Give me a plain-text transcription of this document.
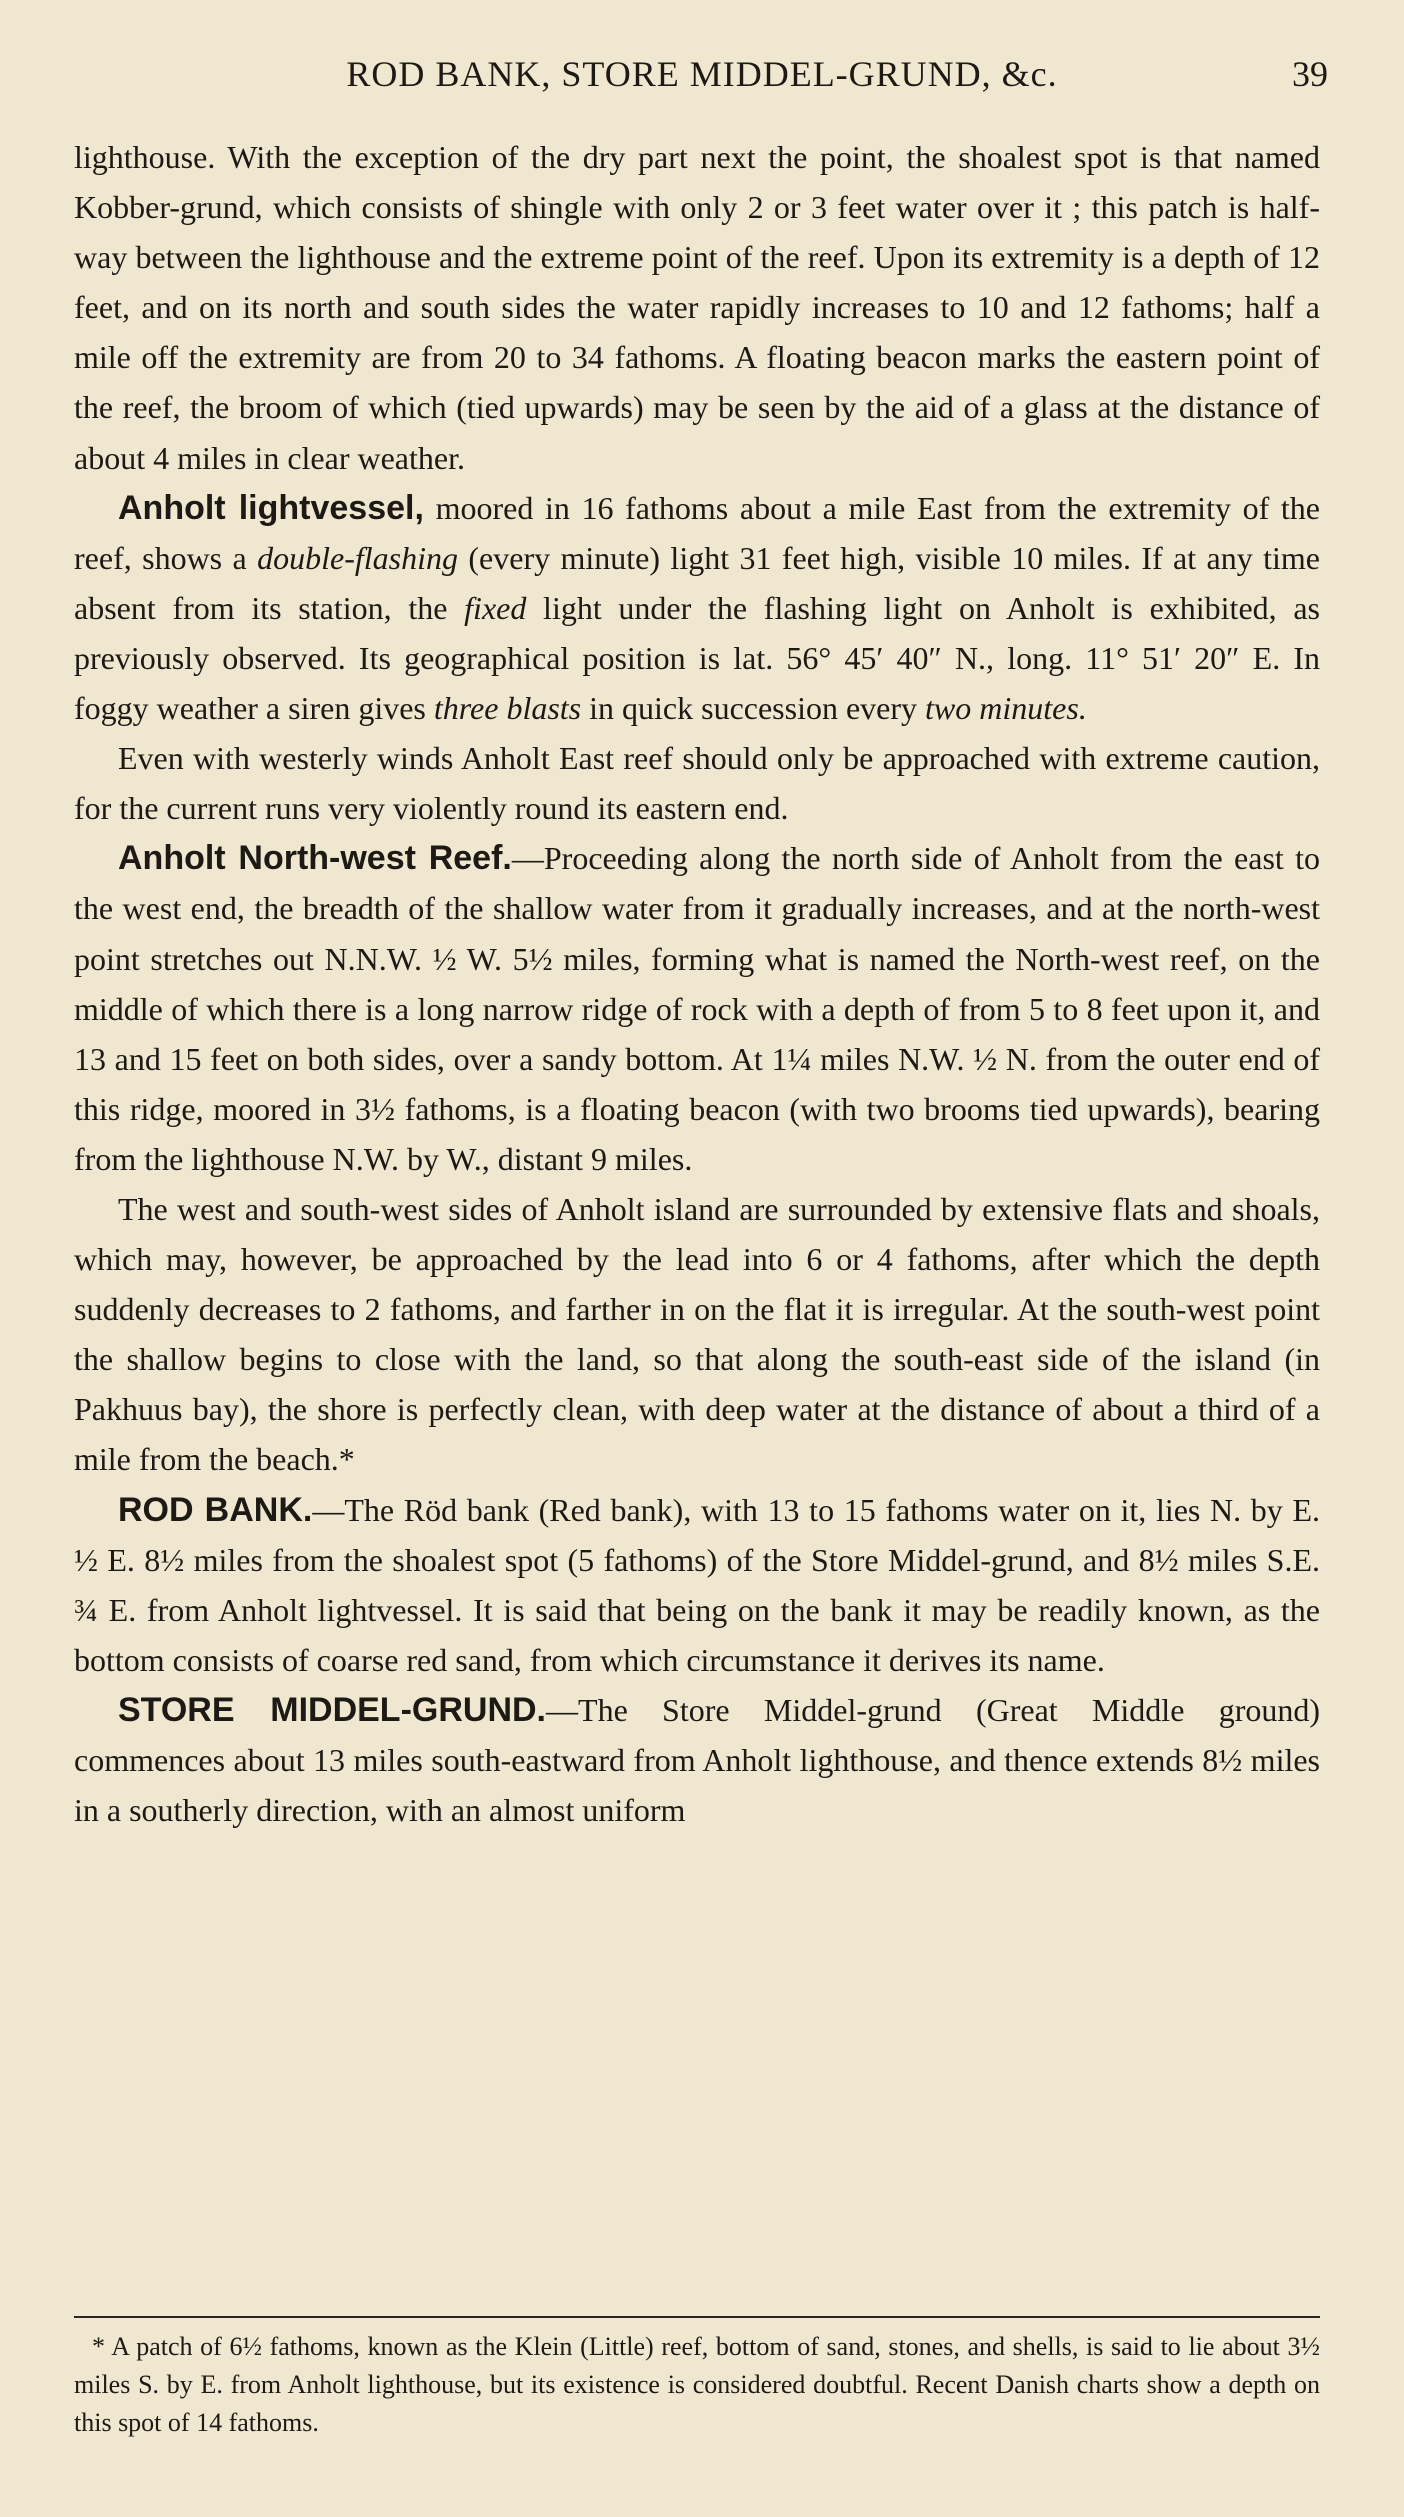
ROD BANK, STORE MIDDEL-GRUND, &c.	39

lighthouse. With the exception of the dry part next the point, the shoalest spot is that named Kobber-grund, which consists of shingle with only 2 or 3 feet water over it ; this patch is half-way between the lighthouse and the extreme point of the reef. Upon its extremity is a depth of 12 feet, and on its north and south sides the water rapidly increases to 10 and 12 fathoms; half a mile off the extremity are from 20 to 34 fathoms. A floating beacon marks the eastern point of the reef, the broom of which (tied upwards) may be seen by the aid of a glass at the distance of about 4 miles in clear weather.

Anholt lightvessel, moored in 16 fathoms about a mile East from the extremity of the reef, shows a double-flashing (every minute) light 31 feet high, visible 10 miles. If at any time absent from its station, the fixed light under the flashing light on Anholt is exhibited, as previously observed. Its geographical position is lat. 56° 45′ 40″ N., long. 11° 51′ 20″ E. In foggy weather a siren gives three blasts in quick succession every two minutes.

Even with westerly winds Anholt East reef should only be approached with extreme caution, for the current runs very violently round its eastern end.

Anholt North-west Reef.—Proceeding along the north side of Anholt from the east to the west end, the breadth of the shallow water from it gradually increases, and at the north-west point stretches out N.N.W. ½ W. 5½ miles, forming what is named the North-west reef, on the middle of which there is a long narrow ridge of rock with a depth of from 5 to 8 feet upon it, and 13 and 15 feet on both sides, over a sandy bottom. At 1¼ miles N.W. ½ N. from the outer end of this ridge, moored in 3½ fathoms, is a floating beacon (with two brooms tied upwards), bearing from the lighthouse N.W. by W., distant 9 miles.

The west and south-west sides of Anholt island are surrounded by extensive flats and shoals, which may, however, be approached by the lead into 6 or 4 fathoms, after which the depth suddenly decreases to 2 fathoms, and farther in on the flat it is irregular. At the south-west point the shallow begins to close with the land, so that along the south-east side of the island (in Pakhuus bay), the shore is perfectly clean, with deep water at the distance of about a third of a mile from the beach.*

ROD BANK.—The Röd bank (Red bank), with 13 to 15 fathoms water on it, lies N. by E. ½ E. 8½ miles from the shoalest spot (5 fathoms) of the Store Middel-grund, and 8½ miles S.E. ¾ E. from Anholt lightvessel. It is said that being on the bank it may be readily known, as the bottom consists of coarse red sand, from which circumstance it derives its name.

STORE MIDDEL-GRUND.—The Store Middel-grund (Great Middle ground) commences about 13 miles south-eastward from Anholt lighthouse, and thence extends 8½ miles in a southerly direction, with an almost uniform

* A patch of 6½ fathoms, known as the Klein (Little) reef, bottom of sand, stones, and shells, is said to lie about 3½ miles S. by E. from Anholt lighthouse, but its existence is considered doubtful. Recent Danish charts show a depth on this spot of 14 fathoms.
